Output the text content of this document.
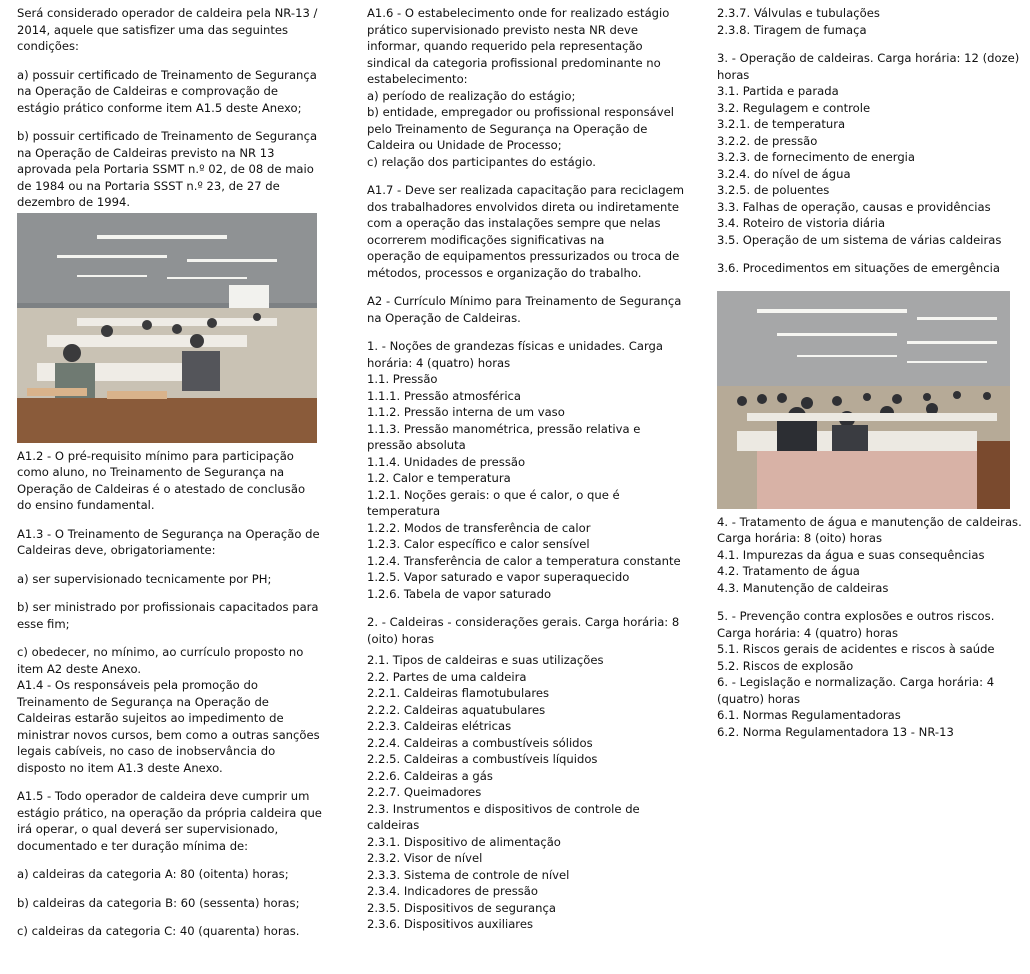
Será considerado operador de caldeira pela NR-13 / 2014, aquele que satisfizer uma das seguintes condições:

a) possuir certificado de Treinamento de Segurança na Operação de Caldeiras e comprovação de estágio prático conforme item A1.5 deste Anexo;

b) possuir certificado de Treinamento de Segurança na Operação de Caldeiras previsto na NR 13 aprovada pela Portaria SSMT n.º 02, de 08 de maio de 1984 ou na Portaria SSST n.º 23, de 27 de dezembro de 1994.

A1.2 - O pré-requisito mínimo para participação como aluno, no Treinamento de Segurança na Operação de Caldeiras é o atestado de conclusão do ensino fundamental.

A1.3 - O Treinamento de Segurança na Operação de Caldeiras deve, obrigatoriamente:

a) ser supervisionado tecnicamente por PH;

b) ser ministrado por profissionais capacitados para esse fim;

c) obedecer, no mínimo, ao currículo proposto no item A2 deste Anexo.

A1.4 - Os responsáveis pela promoção do Treinamento de Segurança na Operação de Caldeiras estarão sujeitos ao impedimento de ministrar novos cursos, bem como a outras sanções legais cabíveis, no caso de inobservância do disposto no item A1.3 deste Anexo.

A1.5 - Todo operador de caldeira deve cumprir um estágio prático, na operação da própria caldeira que irá operar, o qual deverá ser supervisionado, documentado e ter duração mínima de:

a) caldeiras da categoria A: 80 (oitenta) horas;

b) caldeiras da categoria B: 60 (sessenta) horas;

c) caldeiras da categoria C: 40 (quarenta) horas.

A1.6 - O estabelecimento onde for realizado estágio prático supervisionado previsto nesta NR deve informar, quando requerido pela representação sindical da categoria profissional predominante no estabelecimento:
a) período de realização do estágio;
b) entidade, empregador ou profissional responsável pelo Treinamento de Segurança na Operação de Caldeira ou Unidade de Processo;
c) relação dos participantes do estágio.

A1.7 - Deve ser realizada capacitação para reciclagem dos trabalhadores envolvidos direta ou indiretamente com a operação das instalações sempre que nelas ocorrerem modificações significativas na
operação de equipamentos pressurizados ou troca de métodos, processos e organização do trabalho.

A2 - Currículo Mínimo para Treinamento de Segurança na Operação de Caldeiras.

1. - Noções de grandezas físicas e unidades. Carga horária: 4 (quatro) horas

1.1. Pressão
1.1.1. Pressão atmosférica
1.1.2. Pressão interna de um vaso
1.1.3. Pressão manométrica, pressão relativa e pressão absoluta
1.1.4. Unidades de pressão
1.2. Calor e temperatura
1.2.1. Noções gerais: o que é calor, o que é temperatura
1.2.2. Modos de transferência de calor
1.2.3. Calor específico e calor sensível
1.2.4. Transferência de calor a temperatura constante
1.2.5. Vapor saturado e vapor superaquecido
1.2.6. Tabela de vapor saturado

2. - Caldeiras - considerações gerais. Carga horária: 8 (oito) horas

2.1. Tipos de caldeiras e suas utilizações
2.2. Partes de uma caldeira
2.2.1. Caldeiras flamotubulares
2.2.2. Caldeiras aquatubulares
2.2.3. Caldeiras elétricas
2.2.4. Caldeiras a combustíveis sólidos
2.2.5. Caldeiras a combustíveis líquidos
2.2.6. Caldeiras a gás
2.2.7. Queimadores
2.3. Instrumentos e dispositivos de controle de caldeiras
2.3.1. Dispositivo de alimentação
2.3.2. Visor de nível
2.3.3. Sistema de controle de nível
2.3.4. Indicadores de pressão
2.3.5. Dispositivos de segurança
2.3.6. Dispositivos auxiliares
2.3.7. Válvulas e tubulações
2.3.8. Tiragem de fumaça

3. - Operação de caldeiras. Carga horária: 12 (doze) horas

3.1. Partida e parada
3.2. Regulagem e controle
3.2.1. de temperatura
3.2.2. de pressão
3.2.3. de fornecimento de energia
3.2.4. do nível de água
3.2.5. de poluentes
3.3. Falhas de operação, causas e providências
3.4. Roteiro de vistoria diária
3.5. Operação de um sistema de várias caldeiras

3.6. Procedimentos em situações de emergência

4. - Tratamento de água e manutenção de caldeiras. Carga horária: 8 (oito) horas

4.1. Impurezas da água e suas consequências
4.2. Tratamento de água
4.3. Manutenção de caldeiras

5. - Prevenção contra explosões e outros riscos. Carga horária: 4 (quatro) horas

5.1. Riscos gerais de acidentes e riscos à saúde
5.2. Riscos de explosão

6. - Legislação e normalização. Carga horária: 4 (quatro) horas

6.1. Normas Regulamentadoras
6.2. Norma Regulamentadora 13 - NR-13
